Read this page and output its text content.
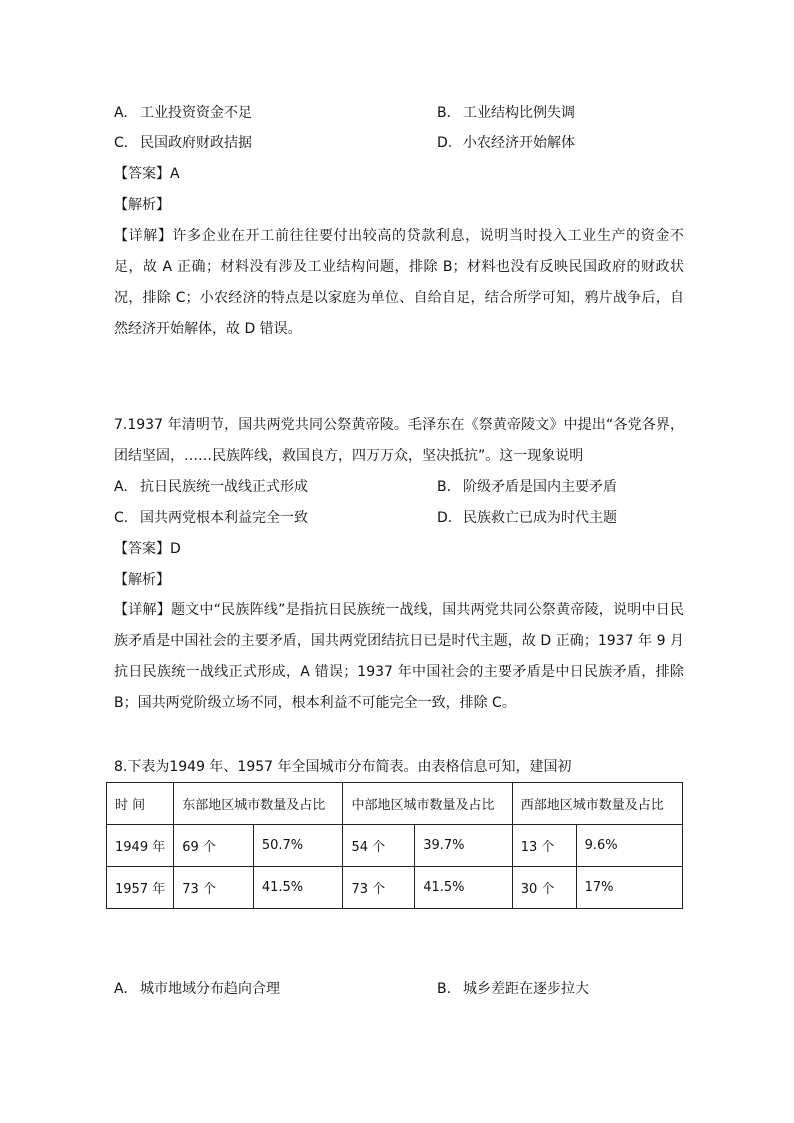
A. 工业投资资金不足	B. 工业结构比例失调
C. 民国政府财政拮据	D. 小农经济开始解体
【答案】A
【解析】
【详解】许多企业在开工前往往要付出较高的贷款利息，说明当时投入工业生产的资金不足，故 A 正确；材料没有涉及工业结构问题，排除 B；材料也没有反映民国政府的财政状况，排除 C；小农经济的特点是以家庭为单位、自给自足，结合所学可知，鸦片战争后，自然经济开始解体，故 D 错误。
7.1937 年清明节，国共两党共同公祭黄帝陵。毛泽东在《祭黄帝陵文》中提出“各党各界，团结坚固，……民族阵线，救国良方，四万万众，坚决抵抗”。这一现象说明
A. 抗日民族统一战线正式形成	B. 阶级矛盾是国内主要矛盾
C. 国共两党根本利益完全一致	D. 民族救亡已成为时代主题
【答案】D
【解析】
【详解】题文中“民族阵线”是指抗日民族统一战线，国共两党共同公祭黄帝陵，说明中日民族矛盾是中国社会的主要矛盾，国共两党团结抗日已是时代主题，故 D 正确；1937 年 9 月抗日民族统一战线正式形成，A 错误；1937 年中国社会的主要矛盾是中日民族矛盾，排除 B；国共两党阶级立场不同，根本利益不可能完全一致，排除 C。
8.下表为1949 年、1957 年全国城市分布简表。由表格信息可知，建国初
时 间	东部地区城市数量及占比		中部地区城市数量及占比		西部地区城市数量及占比	
1949 年	69 个	50.7%	54 个	39.7%	13 个	9.6%
1957 年	73 个	41.5%	73 个	41.5%	30 个	17%
A. 城市地域分布趋向合理	B. 城乡差距在逐步拉大
